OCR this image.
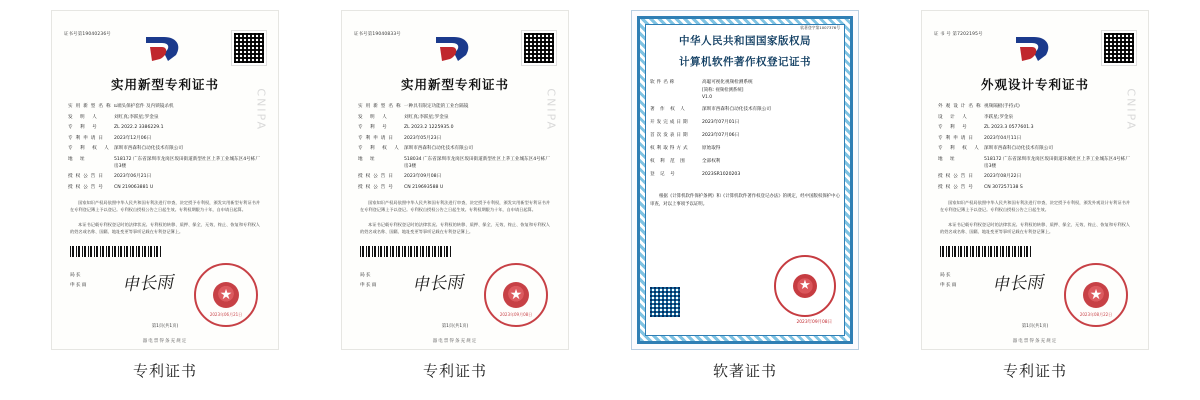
CNIPA
证书号第19040236号
实用新型专利证书
实用新型名称 แ端头保护套件 及内锁镜杀机
发 明 人	刘红真;李跃星;罗金泉
专 利 号	ZL 2022.2 3386229.1
专利申请日	2023年12月06日
专 利 权 人 深圳市西森科自动化技术有限公司
地 址	518172 广东省深圳市龙岗区坂田街道新型社区上茅工业城东区4号栋厂房3楼
授权公告日	2023年06月21日
授权公告号	CN 219063881 U
国家知识产权局依照中华人民共和国专利法进行审查，决定授予专利权，颁发实用新型专利证书并在专利登记簿上予以登记。专利权自授权公告之日起生效。专利权期限为十年，自申请日起算。
本证书记载专利权登记时的法律状况。专利权的转移、质押、保全、无效、终止、恢复和专利权人的姓名或名称、国籍、地址变更等事项记载在专利登记簿上。
局长
申长雨 申长雨	★
2023年06月21日
第1页(共1页)
器电票得条充规定
专利证书
CNIPA
证书号第19040833号
实用新型专利证书
实用新型名称 一种具有限定功能的工业台隔镜
发 明 人	刘红真;李跃星;罗金泉
专 利 号	ZL 2023.2 1225935.0
专利申请日	2023年05月23日
专 利 权 人 深圳市西森科自动化技术有限公司
地 址	518034 广东省深圳市龙岗区坂田街道新型社区上茅工业城东区4号栋厂房3楼
授权公告日	2023年09月08日
授权公告号	CN 219693588 U
国家知识产权局依照中华人民共和国专利法进行审查，决定授予专利权，颁发实用新型专利证书并在专利登记簿上予以登记。专利权自授权公告之日起生效。专利权期限为十年，自申请日起算。
本证书记载专利权登记时的法律状况。专利权的转移、质押、保全、无效、终止、恢复和专利权人的姓名或名称、国籍、地址变更等事项记载在专利登记簿上。
局长
申长雨 申长雨	★
2023年09月08日
第1页(共1页)
器电票得条充规定
专利证书
软著登字第1007376号
中华人民共和国国家版权局
计算机软件著作权登记证书
软件名称	高聪可视化视频检测系统
[简称: 视频检测系统]
V1.0
著 作 权 人	深圳市西森科自动化技术有限公司
开发完成日期	2023年07月01日
首次发表日期	2023年07月06日
权利取得方式	原始取得
权 利 范 围	全部权利
登 记 号	2023SR1020203
根据《计算机软件保护条例》和《计算机软件著作权登记办法》的规定，经中国版权保护中心审查，对以上事项予以证明。
★
2023年09月08日
软著证书
CNIPA
证 书 号 第7202195号
外观设计专利证书
外观设计名称 视频隔板(手持式)
设 计 人	李跃星;罗金泉
专 利 号	ZL 2023.3 0577601.3
专利申请日	2023年04月11日
专 利 权 人 深圳市西森科自动化技术有限公司
地 址	518172 广东省深圳市龙岗区坂田街道环城社区上茅工业城东区4号栋厂房3楼
授权公告日	2023年08月22日
授权公告号	CN 307257138 S
国家知识产权局依照中华人民共和国专利法进行审查，决定授予专利权，颁发外观设计专利证书并在专利登记簿上予以登记。专利权自授权公告之日起生效。
本证书记载专利权登记时的法律状况。专利权的转移、质押、保全、无效、终止、恢复和专利权人的姓名或名称、国籍、地址变更等事项记载在专利登记簿上。
局长
申长雨 申长雨	★
2023年08月22日
第1页(共1页)
器电票得条充规定
专利证书
